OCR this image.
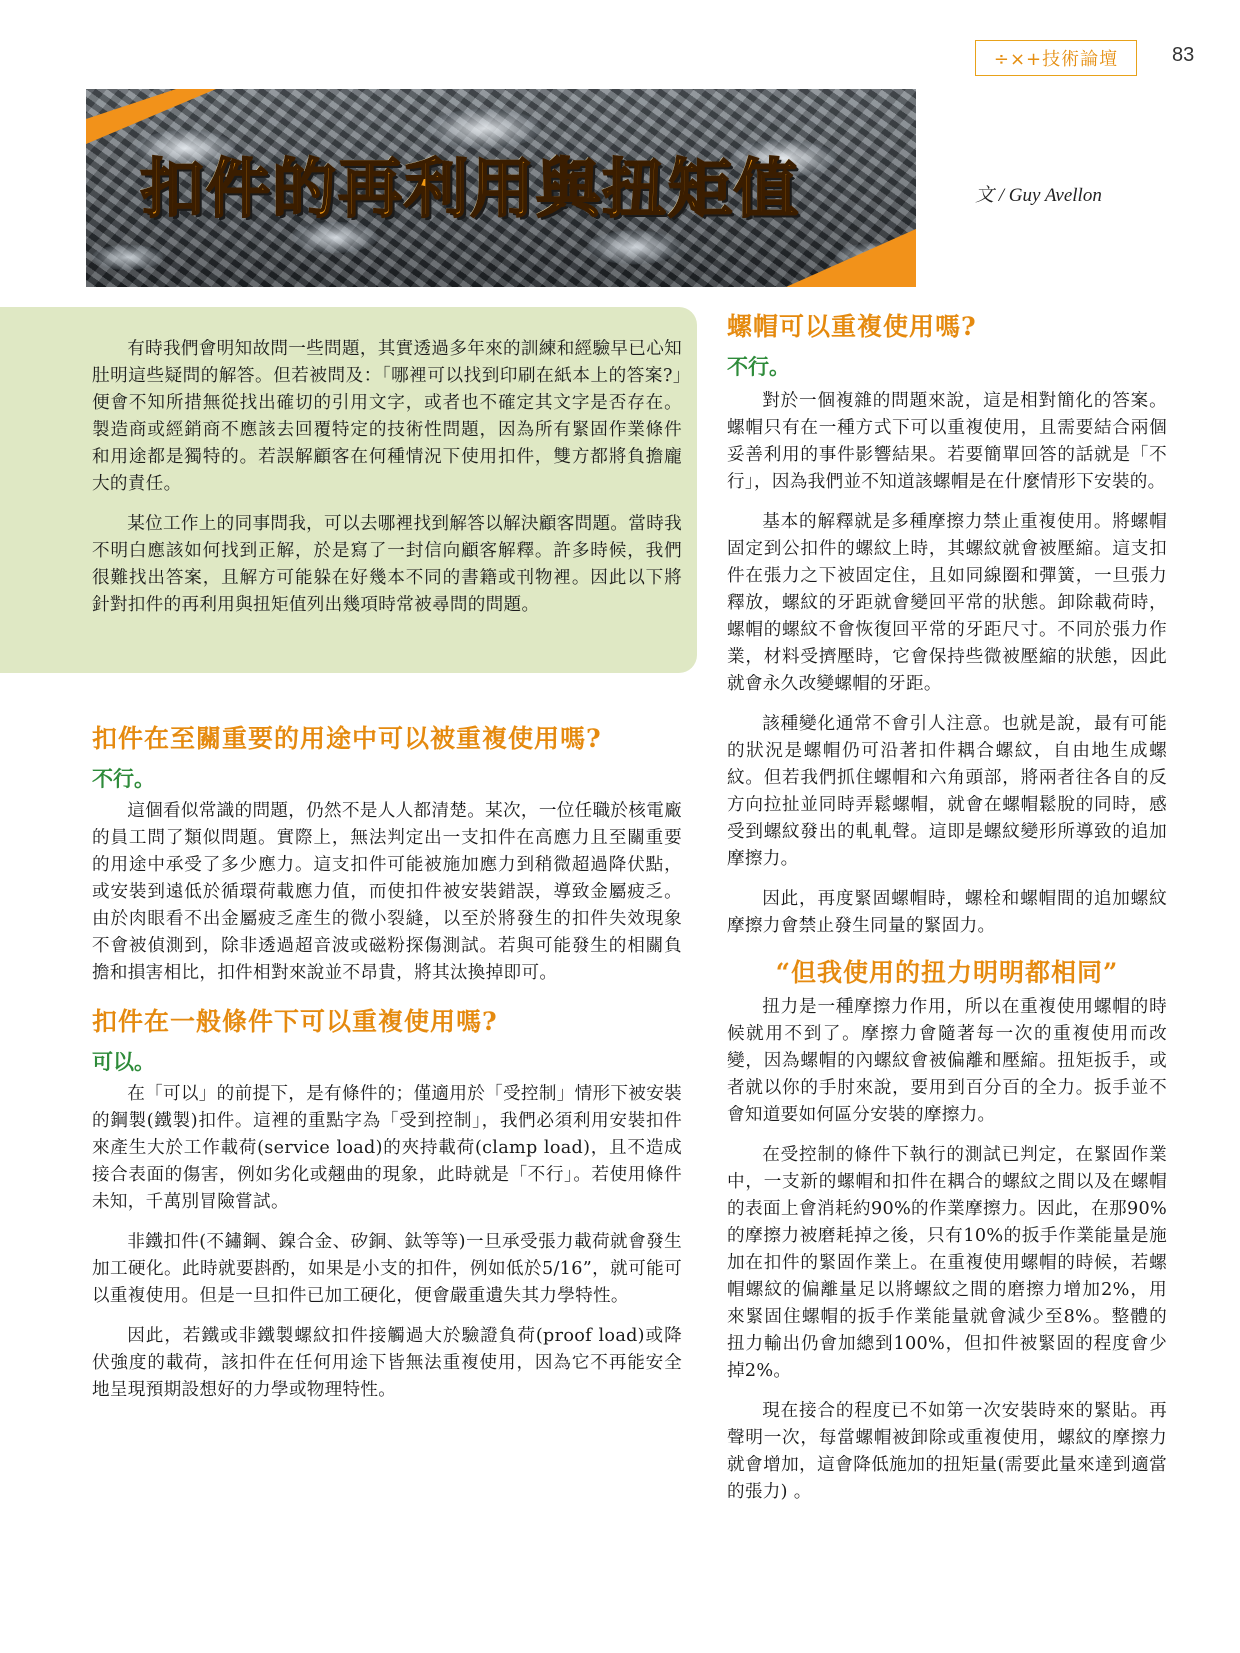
÷×+技術論壇	83
扣件的再利用與扭矩值	文 / Guy Avellon

有時我們會明知故問一些問題，其實透過多年來的訓練和經驗早已心知肚明這些疑問的解答。但若被問及：「哪裡可以找到印刷在紙本上的答案?」便會不知所措無從找出確切的引用文字，或者也不確定其文字是否存在。製造商或經銷商不應該去回覆特定的技術性問題，因為所有緊固作業條件和用途都是獨特的。若誤解顧客在何種情況下使用扣件，雙方都將負擔龐大的責任。

某位工作上的同事問我，可以去哪裡找到解答以解決顧客問題。當時我不明白應該如何找到正解，於是寫了一封信向顧客解釋。許多時候，我們很難找出答案，且解方可能躲在好幾本不同的書籍或刊物裡。因此以下將針對扣件的再利用與扭矩值列出幾項時常被尋問的問題。

扣件在至關重要的用途中可以被重複使用嗎?
不行。

這個看似常識的問題，仍然不是人人都清楚。某次，一位任職於核電廠的員工問了類似問題。實際上，無法判定出一支扣件在高應力且至關重要的用途中承受了多少應力。這支扣件可能被施加應力到稍微超過降伏點，或安裝到遠低於循環荷載應力值，而使扣件被安裝錯誤，導致金屬疲乏。由於肉眼看不出金屬疲乏產生的微小裂縫，以至於將發生的扣件失效現象不會被偵測到，除非透過超音波或磁粉探傷測試。若與可能發生的相關負擔和損害相比，扣件相對來說並不昂貴，將其汰換掉即可。

扣件在一般條件下可以重複使用嗎?
可以。

在「可以」的前提下，是有條件的；僅適用於「受控制」情形下被安裝的鋼製(鐵製)扣件。這裡的重點字為「受到控制」，我們必須利用安裝扣件來產生大於工作載荷(service load)的夾持載荷(clamp load)，且不造成接合表面的傷害，例如劣化或翹曲的現象，此時就是「不行」。若使用條件未知，千萬別冒險嘗試。

非鐵扣件(不鏽鋼、鎳合金、矽銅、鈦等等)一旦承受張力載荷就會發生加工硬化。此時就要斟酌，如果是小支的扣件，例如低於5/16”，就可能可以重複使用。但是一旦扣件已加工硬化，便會嚴重遺失其力學特性。

因此，若鐵或非鐵製螺紋扣件接觸過大於驗證負荷(proof load)或降伏強度的載荷，該扣件在任何用途下皆無法重複使用，因為它不再能安全地呈現預期設想好的力學或物理特性。

螺帽可以重複使用嗎?
不行。

對於一個複雜的問題來說，這是相對簡化的答案。螺帽只有在一種方式下可以重複使用，且需要結合兩個妥善利用的事件影響結果。若要簡單回答的話就是「不行」，因為我們並不知道該螺帽是在什麼情形下安裝的。

基本的解釋就是多種摩擦力禁止重複使用。將螺帽固定到公扣件的螺紋上時，其螺紋就會被壓縮。這支扣件在張力之下被固定住，且如同線圈和彈簧，一旦張力釋放，螺紋的牙距就會變回平常的狀態。卸除載荷時，螺帽的螺紋不會恢復回平常的牙距尺寸。不同於張力作業，材料受擠壓時，它會保持些微被壓縮的狀態，因此就會永久改變螺帽的牙距。

該種變化通常不會引人注意。也就是說，最有可能的狀況是螺帽仍可沿著扣件耦合螺紋，自由地生成螺紋。但若我們抓住螺帽和六角頭部，將兩者往各自的反方向拉扯並同時弄鬆螺帽，就會在螺帽鬆脫的同時，感受到螺紋發出的軋軋聲。這即是螺紋變形所導致的追加摩擦力。

因此，再度緊固螺帽時，螺栓和螺帽間的追加螺紋摩擦力會禁止發生同量的緊固力。

“但我使用的扭力明明都相同”

扭力是一種摩擦力作用，所以在重複使用螺帽的時候就用不到了。摩擦力會隨著每一次的重複使用而改變，因為螺帽的內螺紋會被偏離和壓縮。扭矩扳手，或者就以你的手肘來說，要用到百分百的全力。扳手並不會知道要如何區分安裝的摩擦力。

在受控制的條件下執行的測試已判定，在緊固作業中，一支新的螺帽和扣件在耦合的螺紋之間以及在螺帽的表面上會消耗約90%的作業摩擦力。因此，在那90%的摩擦力被磨耗掉之後，只有10%的扳手作業能量是施加在扣件的緊固作業上。在重複使用螺帽的時候，若螺帽螺紋的偏離量足以將螺紋之間的磨擦力增加2%，用來緊固住螺帽的扳手作業能量就會減少至8%。整體的扭力輸出仍會加總到100%，但扣件被緊固的程度會少掉2%。

現在接合的程度已不如第一次安裝時來的緊貼。再聲明一次，每當螺帽被卸除或重複使用，螺紋的摩擦力就會增加，這會降低施加的扭矩量(需要此量來達到適當的張力) 。
